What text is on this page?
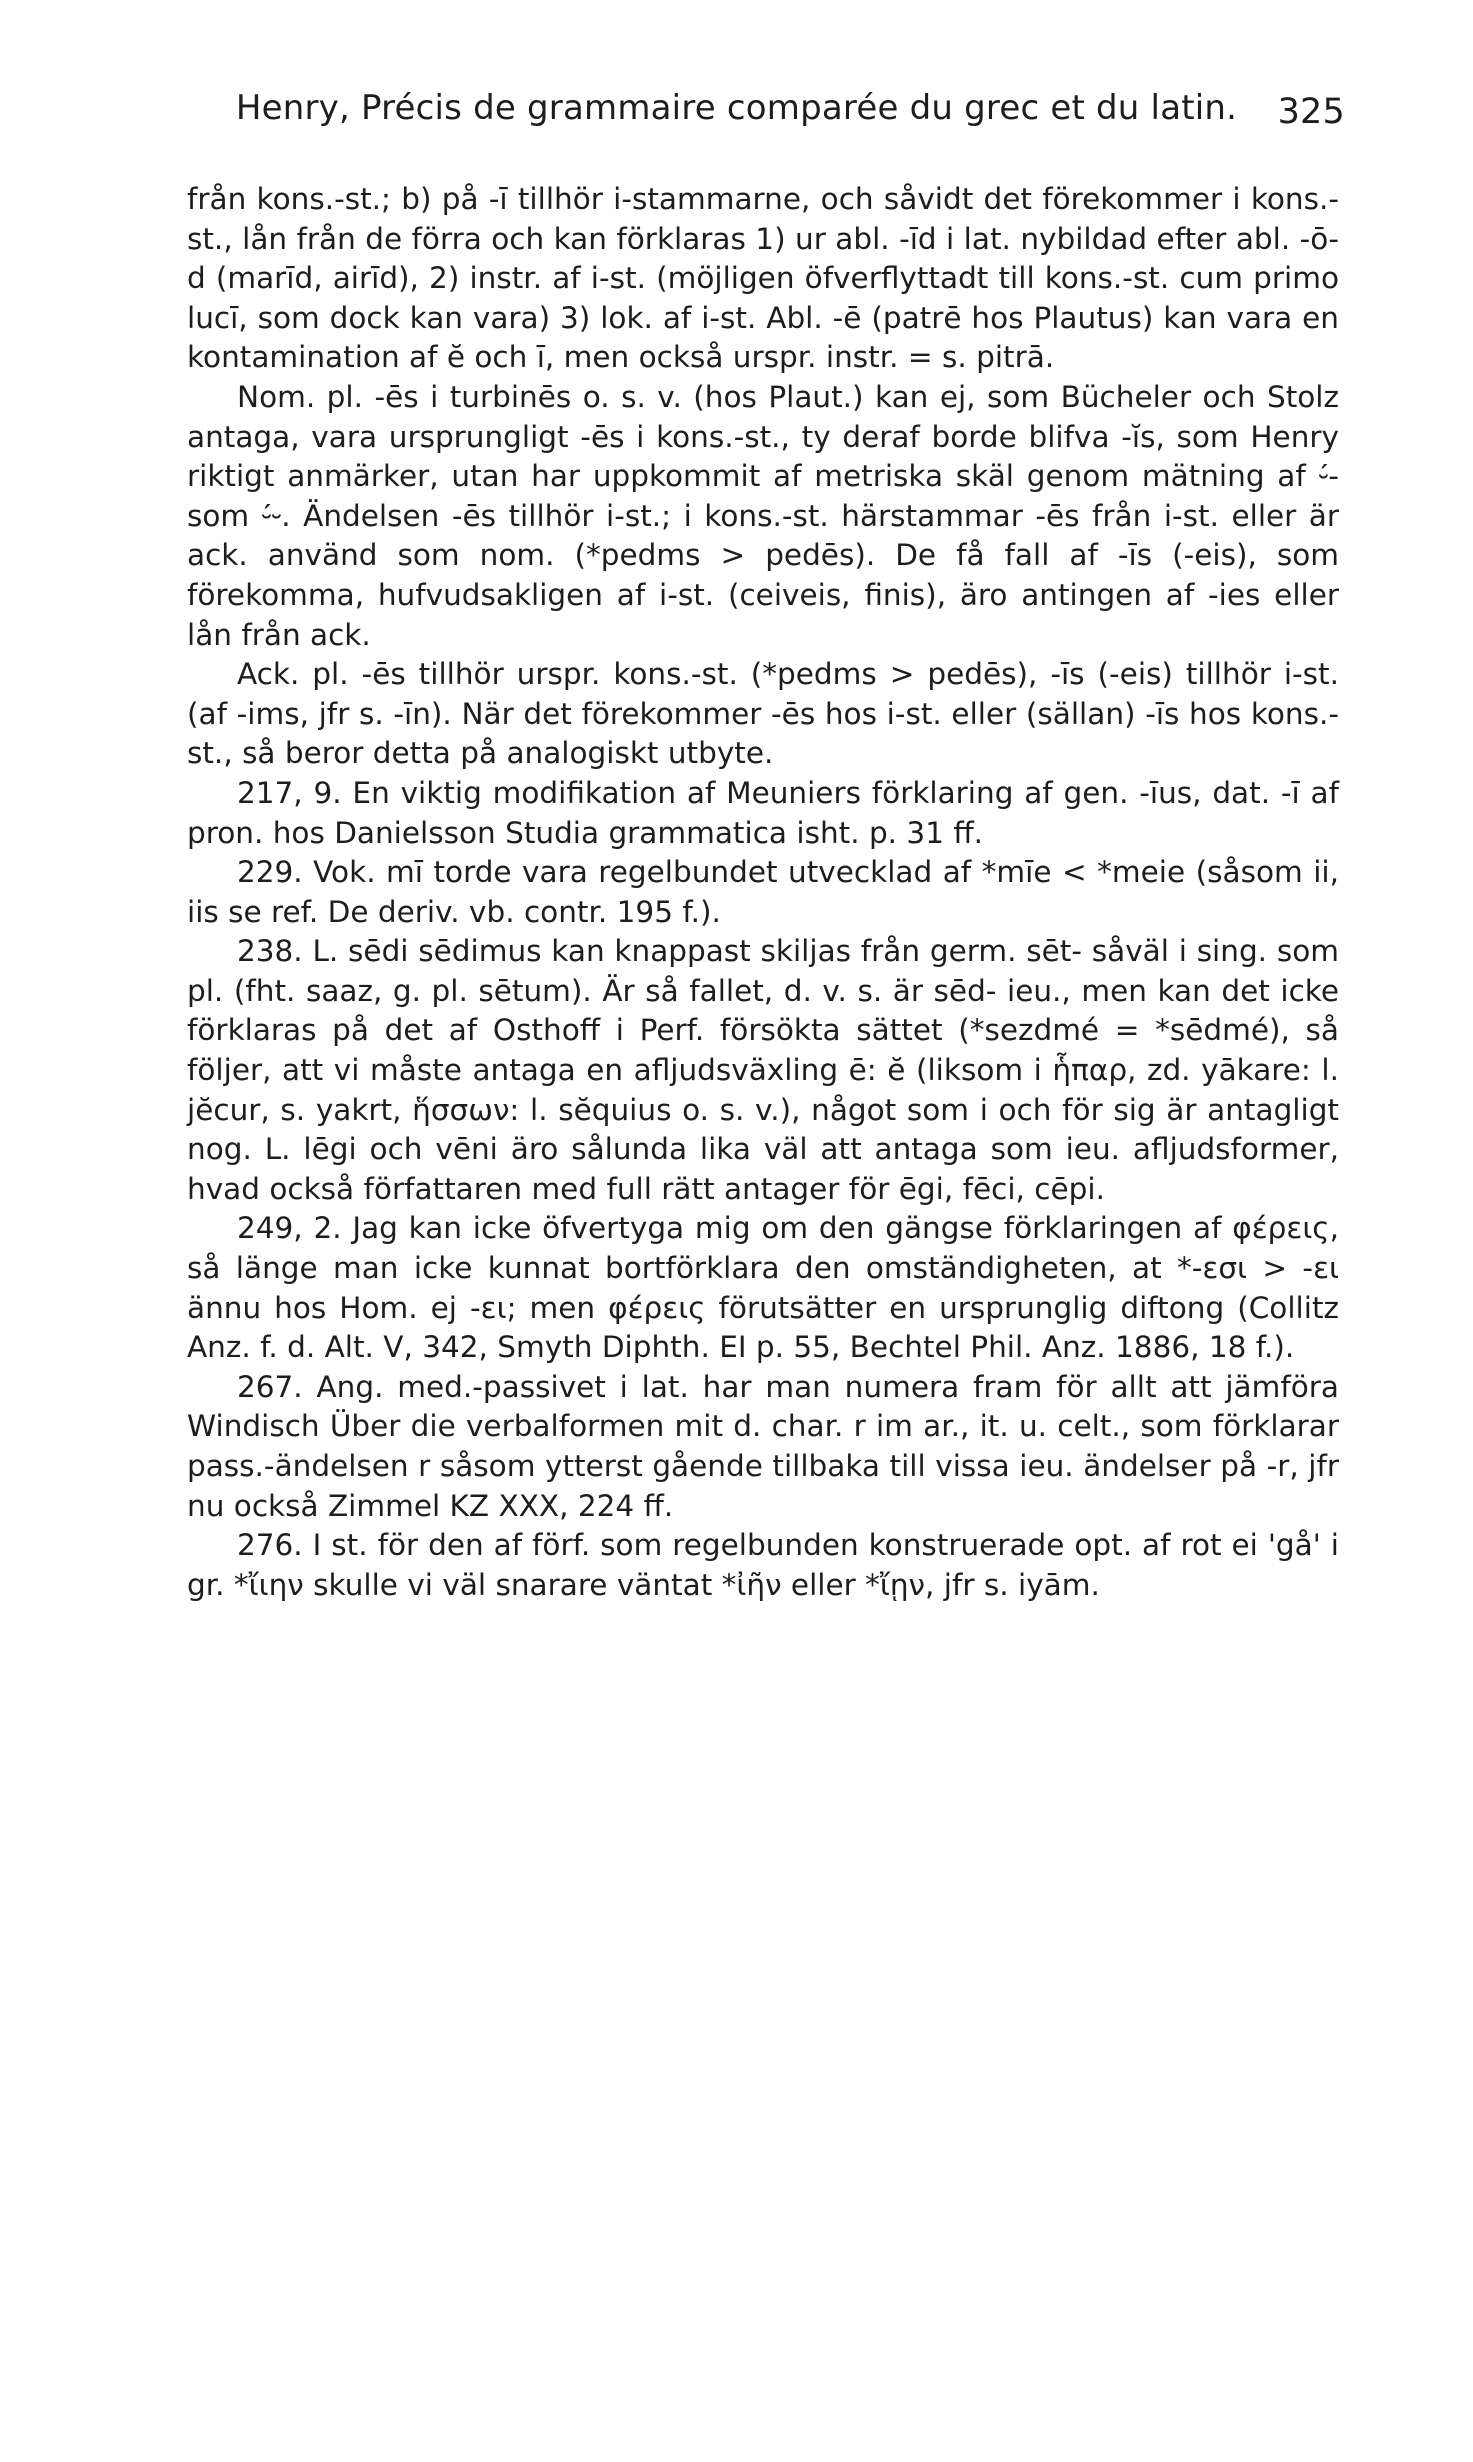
Henry, Précis de grammaire comparée du grec et du latin. 325

från kons.-st.; b) på -ī tillhör i-stammarne, och såvidt det förekommer i kons.-st., lån från de förra och kan förklaras 1) ur abl. -īd i lat. nybildad efter abl. -ō-d (marīd, airīd), 2) instr. af i-st. (möjligen öfverflyttadt till kons.-st. cum primo lucī, som dock kan vara) 3) lok. af i-st. Abl. -ē (patrē hos Plautus) kan vara en kontamination af ĕ och ī, men också urspr. instr. = s. pitrā.

Nom. pl. -ēs i turbinēs o. s. v. (hos Plaut.) kan ej, som Bücheler och Stolz antaga, vara ursprungligt -ēs i kons.-st., ty deraf borde blifva -ĭs, som Henry riktigt anmärker, utan har uppkommit af metriska skäl genom mätning af ⏑́- som ⏑́⏑. Ändelsen -ēs tillhör i-st.; i kons.-st. härstammar -ēs från i-st. eller är ack. använd som nom. (*pedms > pedēs). De få fall af -īs (-eis), som förekomma, hufvudsakligen af i-st. (ceiveis, finis), äro antingen af -ies eller lån från ack.

Ack. pl. -ēs tillhör urspr. kons.-st. (*pedms > pedēs), -īs (-eis) tillhör i-st. (af -ims, jfr s. -īn). När det förekommer -ēs hos i-st. eller (sällan) -īs hos kons.-st., så beror detta på analogiskt utbyte.

217, 9. En viktig modifikation af Meuniers förklaring af gen. -īus, dat. -ī af pron. hos Danielsson Studia grammatica isht. p. 31 ff.

229. Vok. mī torde vara regelbundet utvecklad af *mīe < *meie (såsom ii, iis se ref. De deriv. vb. contr. 195 f.).

238. L. sēdi sēdimus kan knappast skiljas från germ. sēt- såväl i sing. som pl. (fht. saaz, g. pl. sētum). Är så fallet, d. v. s. är sēd- ieu., men kan det icke förklaras på det af Osthoff i Perf. försökta sättet (*sezdmé = *sēdmé), så följer, att vi måste antaga en afljudsväxling ē: ĕ (liksom i ἧπαρ, zd. yākare: l. jĕcur, s. yakrt, ἥσσων: l. sĕquius o. s. v.), något som i och för sig är antagligt nog. L. lēgi och vēni äro sålunda lika väl att antaga som ieu. afljudsformer, hvad också författaren med full rätt antager för ēgi, fēci, cēpi.

249, 2. Jag kan icke öfvertyga mig om den gängse förklaringen af φέρεις, så länge man icke kunnat bortförklara den omständigheten, at *-εσι > -ει ännu hos Hom. ej -ει; men φέρεις förutsätter en ursprunglig diftong (Collitz Anz. f. d. Alt. V, 342, Smyth Diphth. EI p. 55, Bechtel Phil. Anz. 1886, 18 f.).

267. Ang. med.-passivet i lat. har man numera fram för allt att jämföra Windisch Über die verbalformen mit d. char. r im ar., it. u. celt., som förklarar pass.-ändelsen r såsom ytterst gående tillbaka till vissa ieu. ändelser på -r, jfr nu också Zimmel KZ XXX, 224 ff.

276. I st. för den af förf. som regelbunden konstruerade opt. af rot ei 'gå' i gr. *ἴιην skulle vi väl snarare väntat *ἰῆν eller *ἴῃν, jfr s. iyām.
